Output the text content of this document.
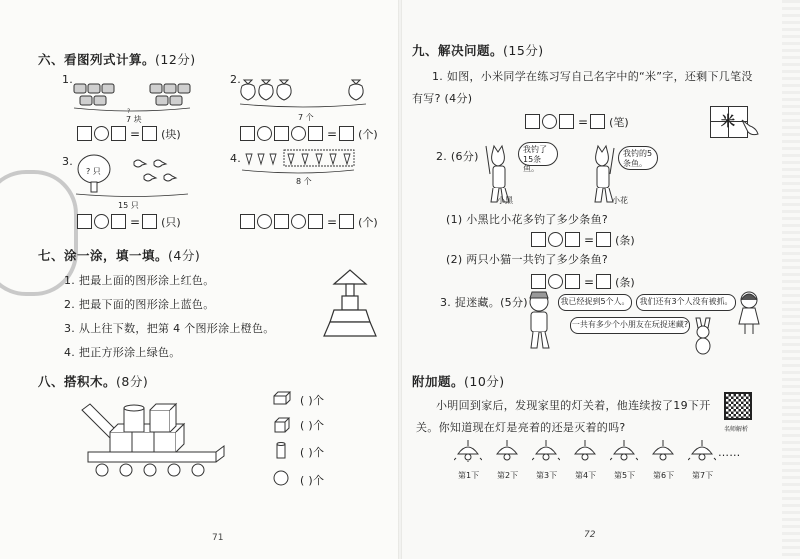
六、看图列式计算。(12分)
1.
?
7 块
= (块)
2.
7 个
= (个)
3.
? 只
15 只
= (只)
4.
8 个
= (个)
七、涂一涂，填一填。(4分)
1. 把最上面的图形涂上红色。
2. 把最下面的图形涂上蓝色。
3. 从上往下数，把第 4 个图形涂上橙色。
4. 把正方形涂上绿色。
八、搭积木。(8分)
( )个
( )个
( )个
( )个
71
九、解决问题。(15分)
1. 如图，小米同学在练习写自己名字中的“米”字，还剩下几笔没
有写? (4分)
= (笔)	米
2. (6分)
我钓了15条鱼。
我钓的5条鱼。
小黑	小花
(1) 小黑比小花多钓了多少条鱼?
= (条)
(2) 两只小猫一共钓了多少条鱼?
= (条)
3. 捉迷藏。(5分)	我已经捉到5个人。	我们还有3个人没有被抓。
一共有多少个小朋友在玩捉迷藏?
附加题。(10分)
小明回到家后，发现家里的灯关着，他连续按了19下开
关。你知道现在灯是亮着的还是灭着的吗?	名师解析
第1下 第2下 第3下 第4下 第5下 第6下 第7下
……
72
